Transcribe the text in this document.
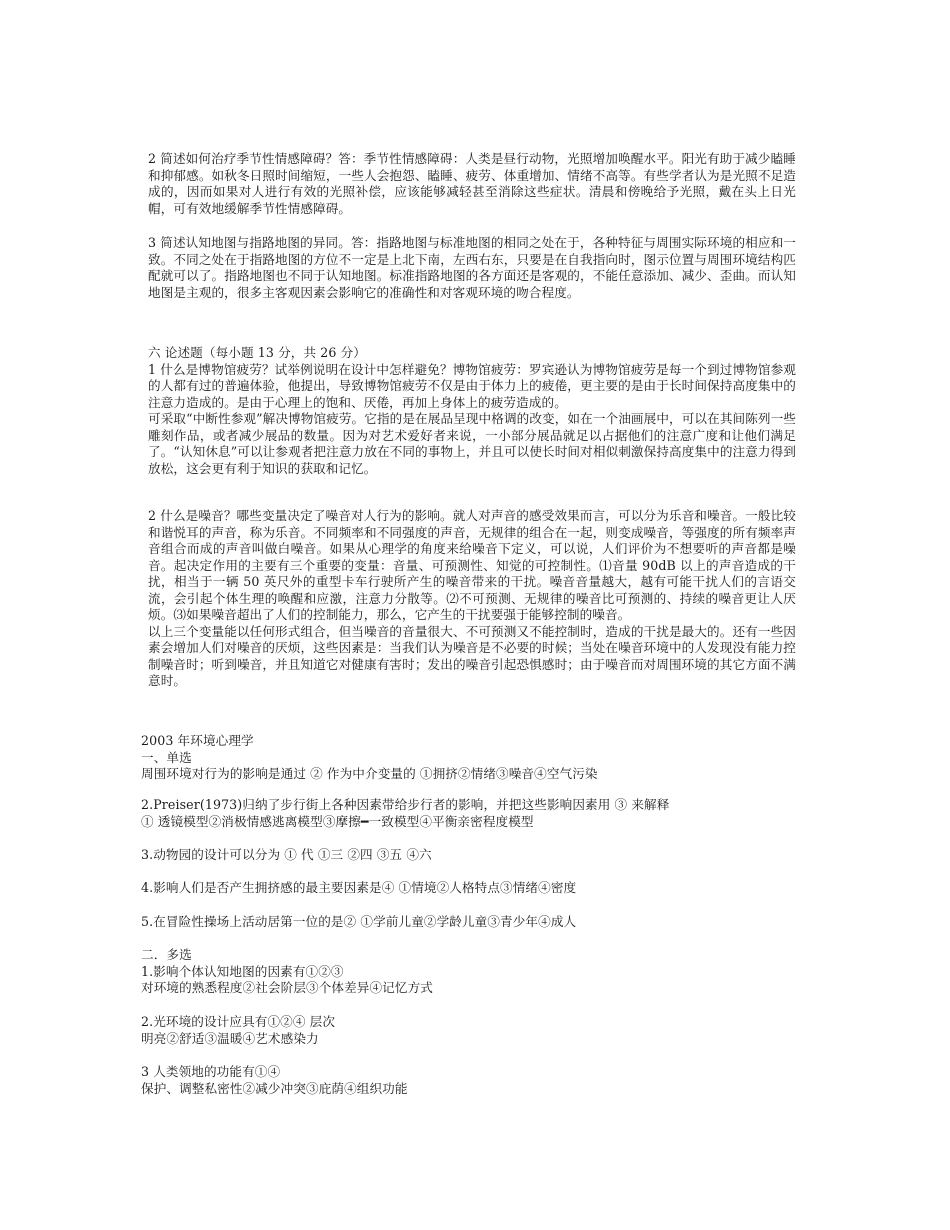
2 简述如何治疗季节性情感障碍？答：季节性情感障碍：人类是昼行动物，光照增加唤醒水平。阳光有助于减少瞌睡和抑郁感。如秋冬日照时间缩短，一些人会抱怨、瞌睡、疲劳、体重增加、情绪不高等。有些学者认为是光照不足造成的，因而如果对人进行有效的光照补偿，应该能够减轻甚至消除这些症状。清晨和傍晚给予光照，戴在头上日光帽，可有效地缓解季节性情感障碍。

3 简述认知地图与指路地图的异同。答：指路地图与标准地图的相同之处在于，各种特征与周围实际环境的相应和一致。不同之处在于指路地图的方位不一定是上北下南，左西右东，只要是在自我指向时，图示位置与周围环境结构匹配就可以了。指路地图也不同于认知地图。标准指路地图的各方面还是客观的，不能任意添加、减少、歪曲。而认知地图是主观的，很多主客观因素会影响它的准确性和对客观环境的吻合程度。

六 论述题（每小题 13 分，共 26 分）

1 什么是博物馆疲劳？试举例说明在设计中怎样避免？博物馆疲劳：罗宾逊认为博物馆疲劳是每一个到过博物馆参观的人都有过的普遍体验，他提出，导致博物馆疲劳不仅是由于体力上的疲倦，更主要的是由于长时间保持高度集中的注意力造成的。是由于心理上的饱和、厌倦，再加上身体上的疲劳造成的。

可采取“中断性参观”解决博物馆疲劳。它指的是在展品呈现中格调的改变，如在一个油画展中，可以在其间陈列一些雕刻作品，或者减少展品的数量。因为对艺术爱好者来说，一小部分展品就足以占据他们的注意广度和让他们满足了。“认知休息”可以让参观者把注意力放在不同的事物上，并且可以使长时间对相似刺激保持高度集中的注意力得到放松，这会更有利于知识的获取和记忆。

2 什么是噪音？哪些变量决定了噪音对人行为的影响。就人对声音的感受效果而言，可以分为乐音和噪音。一般比较和谐悦耳的声音，称为乐音。不同频率和不同强度的声音，无规律的组合在一起，则变成噪音，等强度的所有频率声音组合而成的声音叫做白噪音。如果从心理学的角度来给噪音下定义，可以说，人们评价为不想要听的声音都是噪音。起决定作用的主要有三个重要的变量：音量、可预测性、知觉的可控制性。⑴音量 90dB 以上的声音造成的干扰，相当于一辆 50 英尺外的重型卡车行驶所产生的噪音带来的干扰。噪音音量越大，越有可能干扰人们的言语交流，会引起个体生理的唤醒和应激，注意力分散等。⑵不可预测、无规律的噪音比可预测的、持续的噪音更让人厌烦。⑶如果噪音超出了人们的控制能力，那么，它产生的干扰要强于能够控制的噪音。

以上三个变量能以任何形式组合，但当噪音的音量很大、不可预测又不能控制时，造成的干扰是最大的。还有一些因素会增加人们对噪音的厌烦，这些因素是：当我们认为噪音是不必要的时候；当处在噪音环境中的人发现没有能力控制噪音时；听到噪音，并且知道它对健康有害时；发出的噪音引起恐惧感时；由于噪音而对周围环境的其它方面不满意时。

2003 年环境心理学

一、单选

周围环境对行为的影响是通过 ② 作为中介变量的 ①拥挤②情绪③噪音④空气污染

2.Preiser(1973)归纳了步行街上各种因素带给步行者的影响，并把这些影响因素用 ③ 来解释

① 透镜模型②消极情感逃离模型③摩擦━一致模型④平衡亲密程度模型

3.动物园的设计可以分为 ① 代 ①三 ②四 ③五 ④六

4.影响人们是否产生拥挤感的最主要因素是④ ①情境②人格特点③情绪④密度

5.在冒险性操场上活动居第一位的是② ①学前儿童②学龄儿童③青少年④成人

二．多选

1.影响个体认知地图的因素有①②③

对环境的熟悉程度②社会阶层③个体差异④记忆方式

2.光环境的设计应具有①②④ 层次

明亮②舒适③温暖④艺术感染力

3 人类领地的功能有①④

保护、调整私密性②减少冲突③庇荫④组织功能
